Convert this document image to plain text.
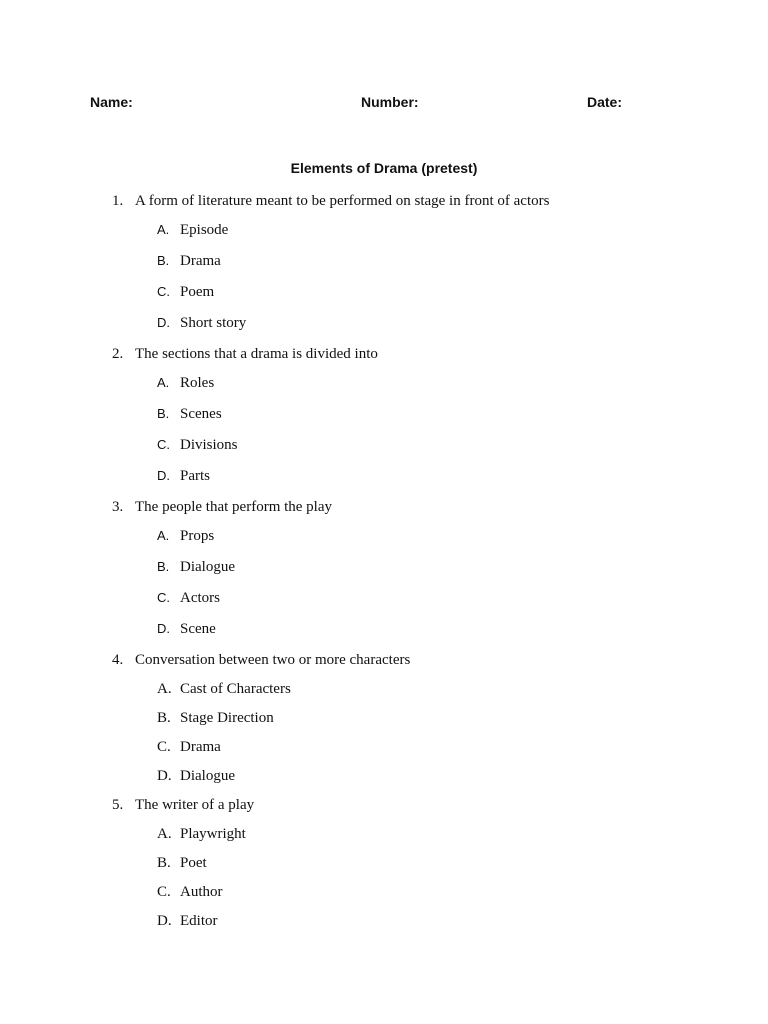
Name:	Number:	Date:
Elements of Drama (pretest)
1. A form of literature meant to be performed on stage in front of actors
A. Episode
B. Drama
C. Poem
D. Short story
2. The sections that a drama is divided into
A. Roles
B. Scenes
C. Divisions
D. Parts
3. The people that perform the play
A. Props
B. Dialogue
C. Actors
D. Scene
4. Conversation between two or more characters
A. Cast of Characters
B. Stage Direction
C. Drama
D. Dialogue
5. The writer of a play
A. Playwright
B. Poet
C. Author
D. Editor
